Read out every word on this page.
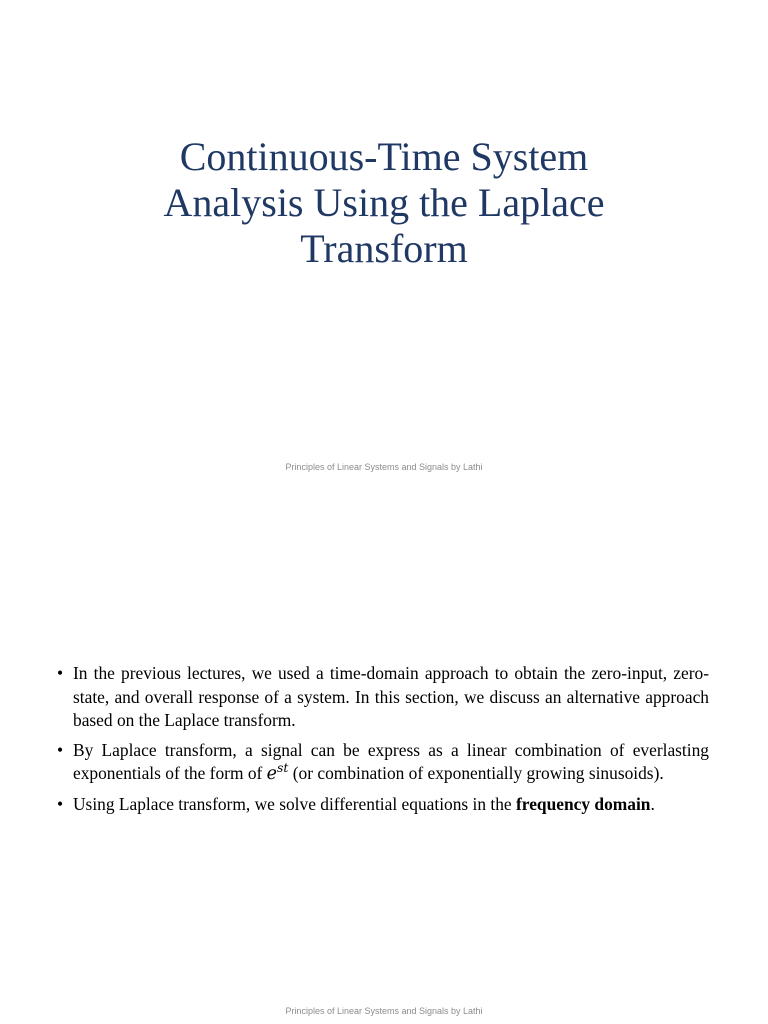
Continuous-Time System
Analysis Using the Laplace
Transform
Principles of Linear Systems and Signals by Lathi
• In the previous lectures, we used a time-domain approach to obtain the zero-input, zero-state, and overall response of a system. In this section, we discuss an alternative approach based on the Laplace transform.
• By Laplace transform, a signal can be express as a linear combination of everlasting exponentials of the form of $e^{st}$ (or combination of exponentially growing sinusoids).
• Using Laplace transform, we solve differential equations in the frequency domain.
Principles of Linear Systems and Signals by Lathi
